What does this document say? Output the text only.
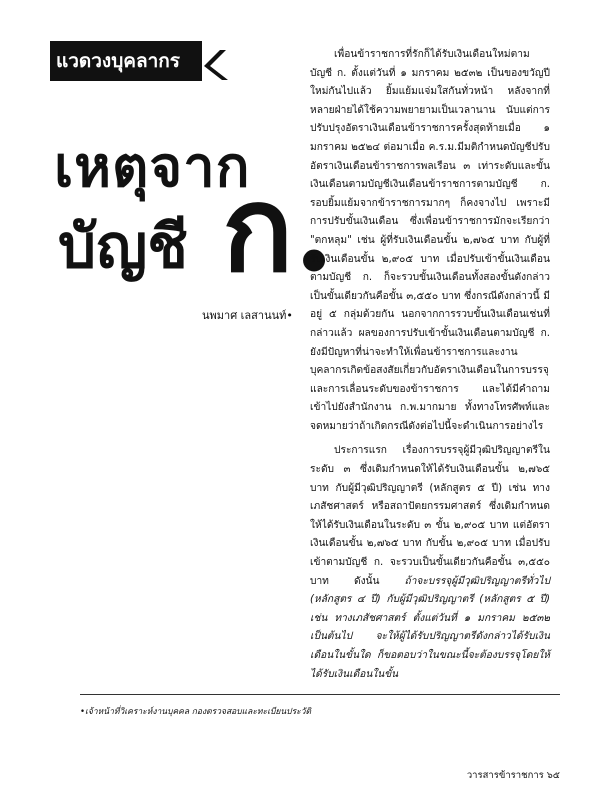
แวดวงบุคลากร
เหตุจาก
บัญชี ก.
นพมาศ เลสานนท์•

เพื่อนข้าราชการที่รักก็ได้รับเงินเดือนใหม่ตามบัญชี ก. ตั้งแต่วันที่ ๑ มกราคม ๒๕๓๒ เป็นของขวัญปีใหม่กันไปแล้ว ยิ้มแย้มแจ่มใสกันทั่วหน้า หลังจากที่หลายฝ่ายได้ใช้ความพยายามเป็นเวลานาน นับแต่การปรับปรุงอัตราเงินเดือนข้าราชการครั้งสุดท้ายเมื่อ ๑ มกราคม ๒๕๒๔ ต่อมาเมื่อ ค.ร.ม.มีมติกำหนดบัญชีปรับอัตราเงินเดือนข้าราชการพลเรือน ๓ เท่าระดับและขั้นเงินเดือนตามบัญชีเงินเดือนข้าราชการตามบัญชี ก. รอบยิ้มแย้มจากข้าราชการมากๆ ก็คงจางไป เพราะมีการปรับขั้นเงินเดือน ซึ่งเพื่อนข้าราชการมักจะเรียกว่า "ตกหลุม" เช่น ผู้ที่รับเงินเดือนขั้น ๒,๗๖๕ บาท กับผู้ที่รับเงินเดือนขั้น ๒,๙๐๕ บาท เมื่อปรับเข้าขั้นเงินเดือนตามบัญชี ก. ก็จะรวบขั้นเงินเดือนทั้งสองขั้นดังกล่าวเป็นขั้นเดียวกันคือขั้น ๓,๕๕๐ บาท ซึ่งกรณีดังกล่าวนี้ มีอยู่ ๕ กลุ่มด้วยกัน นอกจากการรวบขั้นเงินเดือนเช่นที่กล่าวแล้ว ผลของการปรับเข้าขั้นเงินเดือนตามบัญชี ก. ยังมีปัญหาที่น่าจะทำให้เพื่อนข้าราชการและงานบุคลากรเกิดข้อสงสัยเกี่ยวกับอัตราเงินเดือนในการบรรจุและการเลื่อนระดับของข้าราชการ และได้มีคำถามเข้าไปยังสำนักงาน ก.พ.มากมาย ทั้งทางโทรศัพท์และจดหมายว่าถ้าเกิดกรณีดังต่อไปนี้จะดำเนินการอย่างไร

ประการแรก เรื่องการบรรจุผู้มีวุฒิปริญญาตรีในระดับ ๓ ซึ่งเดิมกำหนดให้ได้รับเงินเดือนขั้น ๒,๗๖๕ บาท กับผู้มีวุฒิปริญญาตรี (หลักสูตร ๕ ปี) เช่น ทางเภสัชศาสตร์ หรือสถาปัตยกรรมศาสตร์ ซึ่งเดิมกำหนดให้ได้รับเงินเดือนในระดับ ๓ ขั้น ๒,๙๐๕ บาท แต่อัตราเงินเดือนขั้น ๒,๗๖๕ บาท กับขั้น ๒,๙๐๕ บาท เมื่อปรับเข้าตามบัญชี ก. จะรวบเป็นขั้นเดียวกันคือขั้น ๓,๕๕๐ บาท ดังนั้น ถ้าจะบรรจุผู้มีวุฒิปริญญาตรีทั่วไป (หลักสูตร ๔ ปี) กับผู้มีวุฒิปริญญาตรี (หลักสูตร ๕ ปี) เช่น ทางเภสัชศาสตร์ ตั้งแต่วันที่ ๑ มกราคม ๒๕๓๒ เป็นต้นไป จะให้ผู้ได้รับปริญญาตรีดังกล่าวได้รับเงินเดือนในขั้นใด ก็ขอตอบว่าในขณะนี้จะต้องบรรจุโดยให้ได้รับเงินเดือนในขั้น

•เจ้าหน้าที่วิเคราะห์งานบุคคล กองตรวจสอบและทะเบียนประวัติ
วารสารข้าราชการ ๖๕
